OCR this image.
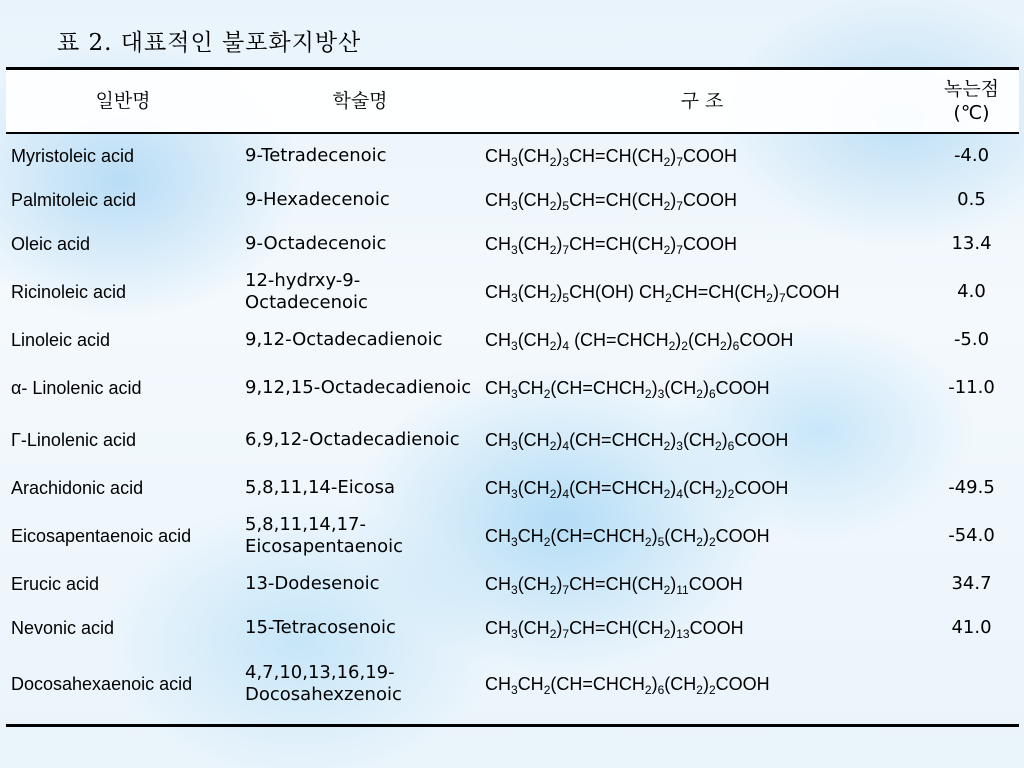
표 2. 대표적인 불포화지방산
일반명	학술명	구 조	녹는점
(℃)
Myristoleic acid	9-Tetradecenoic	$CH_3(CH_2)_3CH=CH(CH_2)_7COOH$	-4.0
Palmitoleic acid	9-Hexadecenoic	$CH_3(CH_2)_5CH=CH(CH_2)_7COOH$	0.5
Oleic acid	9-Octadecenoic	$CH_3(CH_2)_7CH=CH(CH_2)_7COOH$	13.4
Ricinoleic acid	12-hydrxy-9-Octadecenoic	$CH_3(CH_2)_5CH(OH)$ $CH_2CH=CH(CH_2)_7COOH$	4.0
Linoleic acid	9,12-Octadecadienoic	$CH_3(CH_2)_4$ $(CH=CHCH_2)_2(CH_2)_6COOH$	-5.0
α- Linolenic acid	9,12,15-Octadecadienoic	$CH_3CH_2(CH=CHCH_2)_3(CH_2)_6COOH$	-11.0
Γ-Linolenic acid	6,9,12-Octadecadienoic	$CH_3(CH_2)_4(CH=CHCH_2)_3(CH_2)_6COOH$	
Arachidonic acid	5,8,11,14-Eicosa	$CH_3(CH_2)_4(CH=CHCH_2)_4(CH_2)_2COOH$	-49.5
Eicosapentaenoic acid	5,8,11,14,17-Eicosapentaenoic	$CH_3CH_2(CH=CHCH_2)_5(CH_2)_2COOH$	-54.0
Erucic acid	13-Dodesenoic	$CH_3(CH_2)_7CH=CH(CH_2)_{11}COOH$	34.7
Nevonic acid	15-Tetracosenoic	$CH_3(CH_2)_7CH=CH(CH_2)_{13}COOH$	41.0
Docosahexaenoic acid	4,7,10,13,16,19-Docosahexzenoic	$CH_3CH_2(CH=CHCH_2)_6(CH_2)_2COOH$	
